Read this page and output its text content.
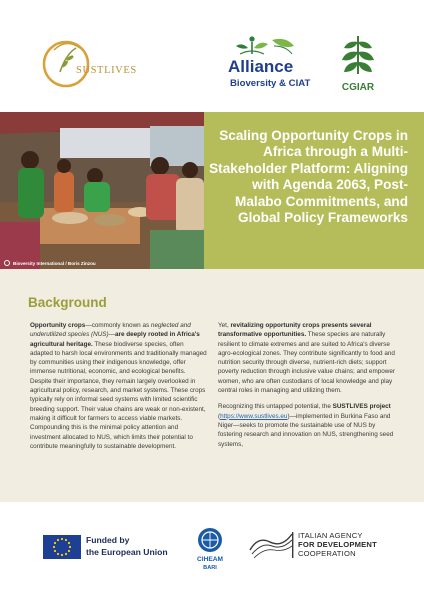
SUSTLIVES	Alliance
Bioversity & CIAT	CGIAR
Bioversity International / Boris Zinzou
Scaling Opportunity Crops in Africa through a Multi-Stakeholder Platform: Aligning with Agenda 2063, Post-Malabo Commitments, and Global Policy Frameworks
Background

Opportunity crops—commonly known as neglected and underutilized species (NUS)—are deeply rooted in Africa's agricultural heritage. These biodiverse species, often adapted to harsh local environments and traditionally managed by communities using their indigenous knowledge, offer immense nutritional, economic, and ecological benefits. Despite their importance, they remain largely overlooked in agricultural policy, research, and market systems. These crops typically rely on informal seed systems with limited scientific breeding support. Their value chains are weak or non-existent, making it difficult for farmers to access viable markets. Compounding this is the minimal policy attention and investment allocated to NUS, which limits their potential to contribute meaningfully to sustainable development.

Yet, revitalizing opportunity crops presents several transformative opportunities. These species are naturally resilient to climate extremes and are suited to Africa's diverse agro-ecological zones. They contribute significantly to food and nutrition security through diverse, nutrient-rich diets; support poverty reduction through inclusive value chains; and empower women, who are often custodians of local knowledge and play central roles in managing and utilizing them.

Recognizing this untapped potential, the SUSTLIVES project (https://www.sustlives.eu)—implemented in Burkina Faso and Niger—seeks to promote the sustainable use of NUS by fostering research and innovation on NUS, strengthening seed systems,

Funded by
the European Union
CIHEAM
BARI
ITALIAN AGENCY
FOR DEVELOPMENT
COOPERATION
